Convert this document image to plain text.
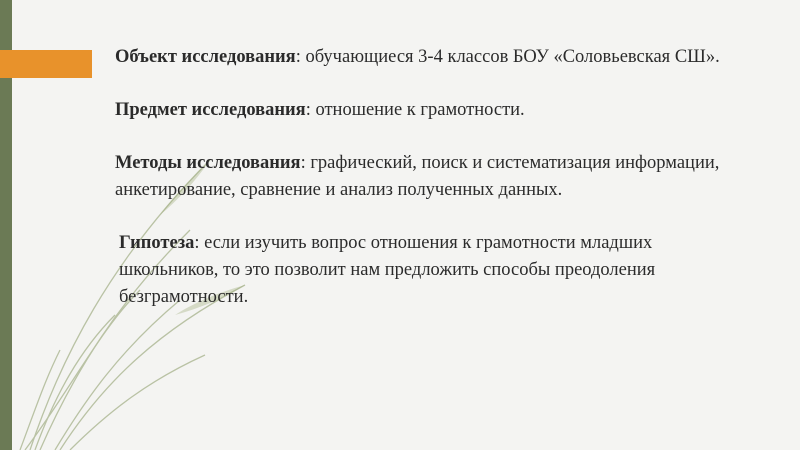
Объект исследования: обучающиеся 3-4 классов БОУ «Соловьевская СШ».

Предмет исследования: отношение к грамотности.

Методы исследования: графический, поиск и систематизация информации, анкетирование, сравнение и анализ полученных данных.

Гипотеза: если изучить вопрос отношения к грамотности младших школьников, то это позволит нам предложить способы преодоления безграмотности.
